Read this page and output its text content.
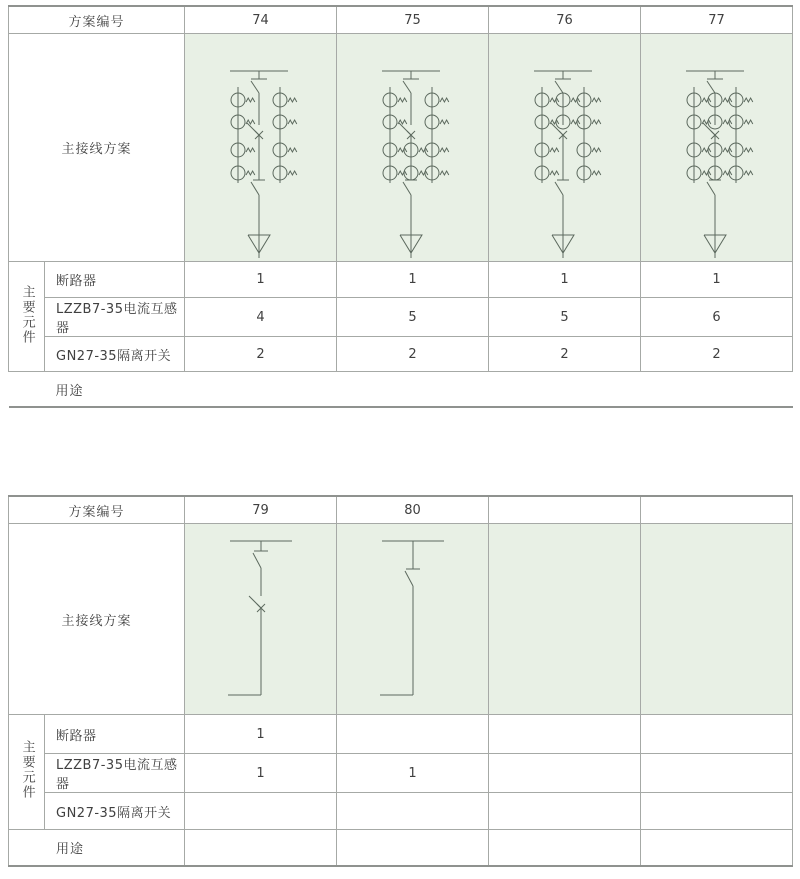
方案编号		74	75	76	77
主接线方案	

主要元件	断路器	1	1	1	1
	LZZB7-35电流互感器	4	5	5	6
	GN27-35隔离开关	2	2	2	2
用途					
方案编号		79	80		
主接线方案	

主要元件	断路器	1			
	LZZB7-35电流互感器	1	1		
	GN27-35隔离开关				
用途					
